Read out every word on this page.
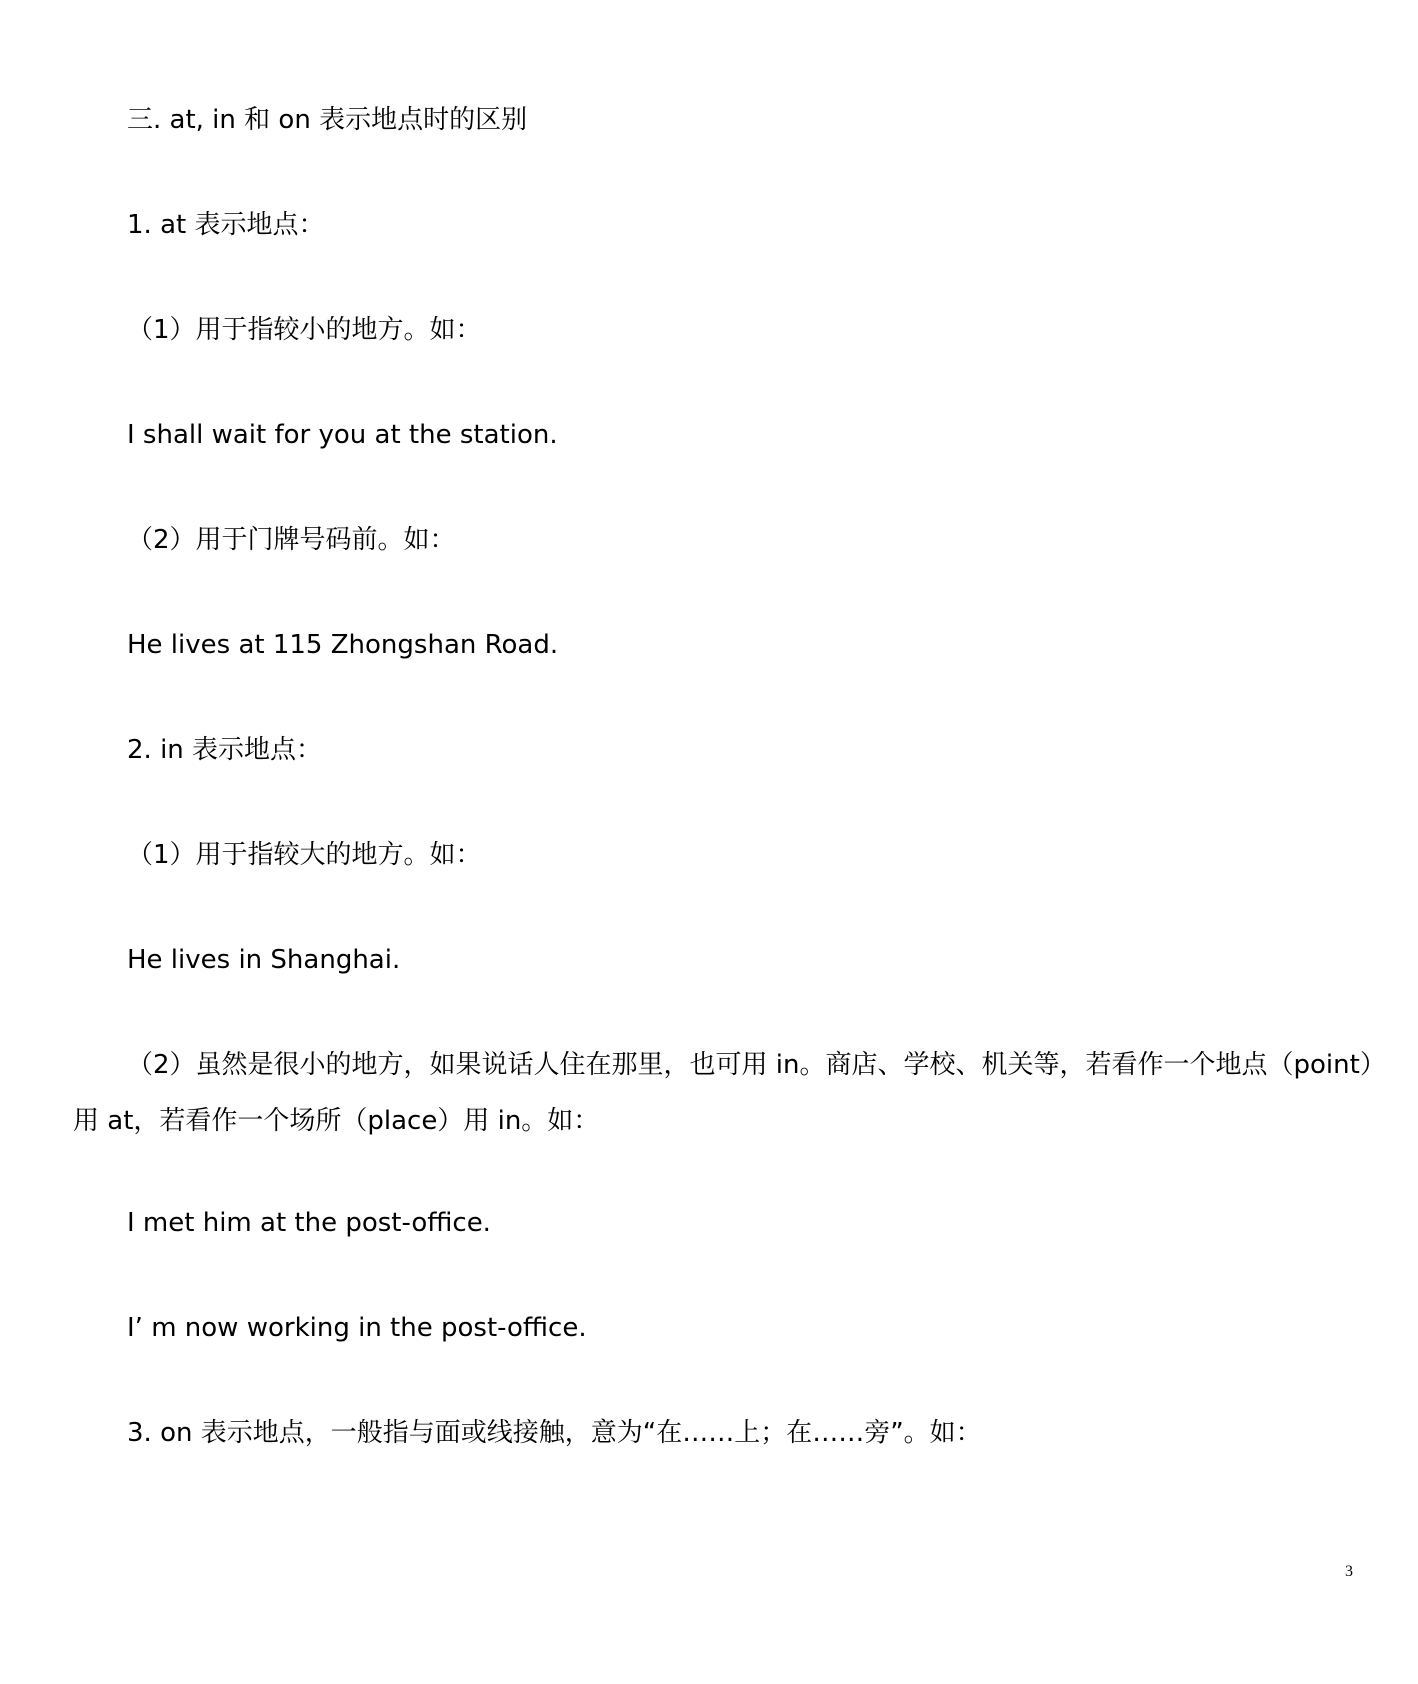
三. at, in 和 on 表示地点时的区别
1. at 表示地点：
（1）用于指较小的地方。如：
I shall wait for you at the station.
（2）用于门牌号码前。如：
He lives at 115 Zhongshan Road.
2. in 表示地点：
（1）用于指较大的地方。如：
He lives in Shanghai.
（2）虽然是很小的地方，如果说话人住在那里，也可用 in。商店、学校、机关等，若看作一个地点（point）
用 at，若看作一个场所（place）用 in。如：
I met him at the post-office.
I’ m now working in the post-office.
3. on 表示地点，一般指与面或线接触，意为“在……上；在……旁”。如：
3
